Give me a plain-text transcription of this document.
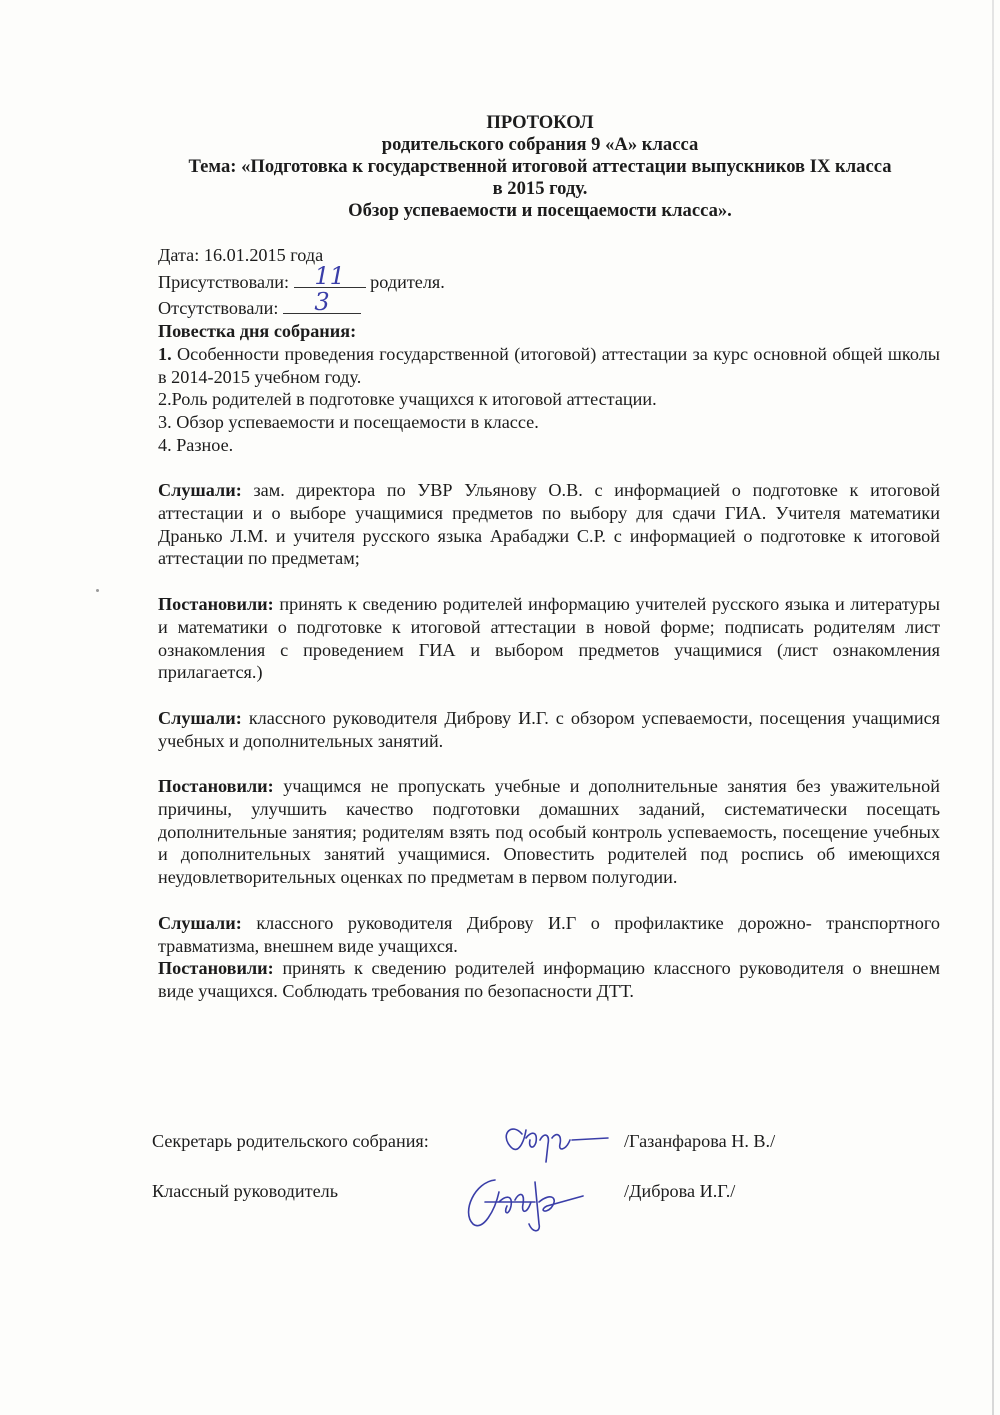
ПРОТОКОЛ
родительского собрания 9 «А» класса
Тема: «Подготовка к государственной итоговой аттестации выпускников IX класса
в 2015 году.
Обзор успеваемости и посещаемости класса».

Дата: 16.01.2015 года

Присутствовали:	11	родителя.

Отсутствовали:	3

Повестка дня собрания:

1. Особенности проведения государственной (итоговой) аттестации за курс основной общей школы в 2014-2015 учебном году.

2.Роль родителей в подготовке учащихся к итоговой аттестации.

3. Обзор успеваемости и посещаемости в классе.

4. Разное.

Слушали: зам. директора по УВР Ульянову О.В. с информацией о подготовке к итоговой аттестации и о выборе учащимися предметов по выбору для сдачи ГИА. Учителя математики Дранько Л.М. и учителя русского языка Арабаджи С.Р. с информацией о подготовке к итоговой аттестации по предметам;

Постановили: принять к сведению родителей информацию учителей русского языка и литературы и математики о подготовке к итоговой аттестации в новой форме; подписать родителям лист ознакомления с проведением ГИА и выбором предметов учащимися (лист ознакомления прилагается.)

Слушали: классного руководителя Диброву И.Г. с обзором успеваемости, посещения учащимися учебных и дополнительных занятий.

Постановили: учащимся не пропускать учебные и дополнительные занятия без уважительной причины, улучшить качество подготовки домашних заданий, систематически посещать дополнительные занятия; родителям взять под особый контроль успеваемость, посещение учебных и дополнительных занятий учащимися. Оповестить родителей под роспись об имеющихся неудовлетворительных оценках по предметам в первом полугодии.

Слушали: классного руководителя Диброву И.Г о профилактике дорожно- транспортного травматизма, внешнем виде учащихся.

Постановили: принять к сведению родителей информацию классного руководителя о внешнем виде учащихся. Соблюдать требования по безопасности ДТТ.

Секретарь родительского собрания:	/Газанфарова Н. В./
Классный руководитель	/Диброва И.Г./
